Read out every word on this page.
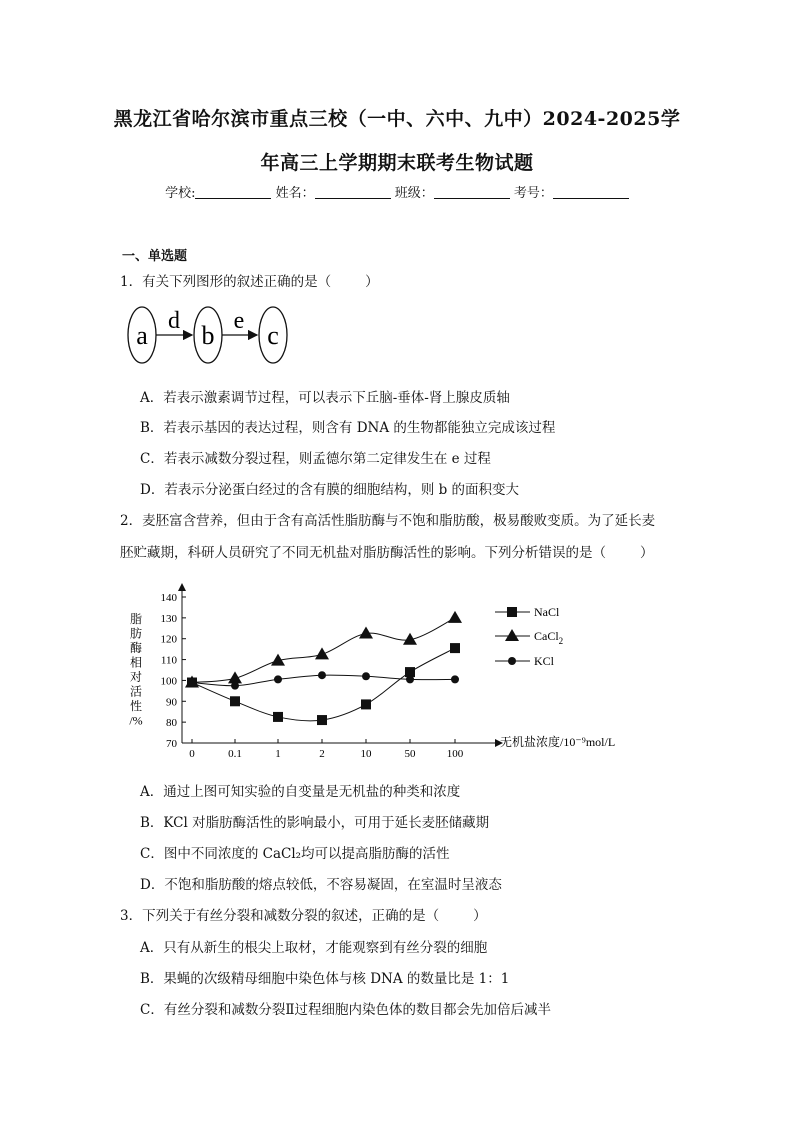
黑龙江省哈尔滨市重点三校（一中、六中、九中）2024-2025学
年高三上学期期末联考生物试题
学校:	姓名：	班级：	考号：
一、单选题
1．有关下列图形的叙述正确的是（	）
a b c
d e
A．若表示激素调节过程，可以表示下丘脑-垂体-肾上腺皮质轴
B．若表示基因的表达过程，则含有 DNA 的生物都能独立完成该过程
C．若表示减数分裂过程，则孟德尔第二定律发生在 e 过程
D．若表示分泌蛋白经过的含有膜的细胞结构，则 b 的面积变大
2．麦胚富含营养，但由于含有高活性脂肪酶与不饱和脂肪酸，极易酸败变质。为了延长麦
胚贮藏期，科研人员研究了不同无机盐对脂肪酶活性的影响。下列分析错误的是（	）
脂
肪
酶
相
对
活
性
/%
70
80
90
100
110
120
130
140
0	0.1	1	2	10	50	100
NaCl
CaCl$_2$
KCl
无机盐浓度/10⁻⁹mol/L
A．通过上图可知实验的自变量是无机盐的种类和浓度
B．KCl 对脂肪酶活性的影响最小，可用于延长麦胚储藏期
C．图中不同浓度的 CaCl₂均可以提高脂肪酶的活性
D．不饱和脂肪酸的熔点较低，不容易凝固，在室温时呈液态
3．下列关于有丝分裂和减数分裂的叙述，正确的是（	）
A．只有从新生的根尖上取材，才能观察到有丝分裂的细胞
B．果蝇的次级精母细胞中染色体与核 DNA 的数量比是 1：1
C．有丝分裂和减数分裂Ⅱ过程细胞内染色体的数目都会先加倍后减半
